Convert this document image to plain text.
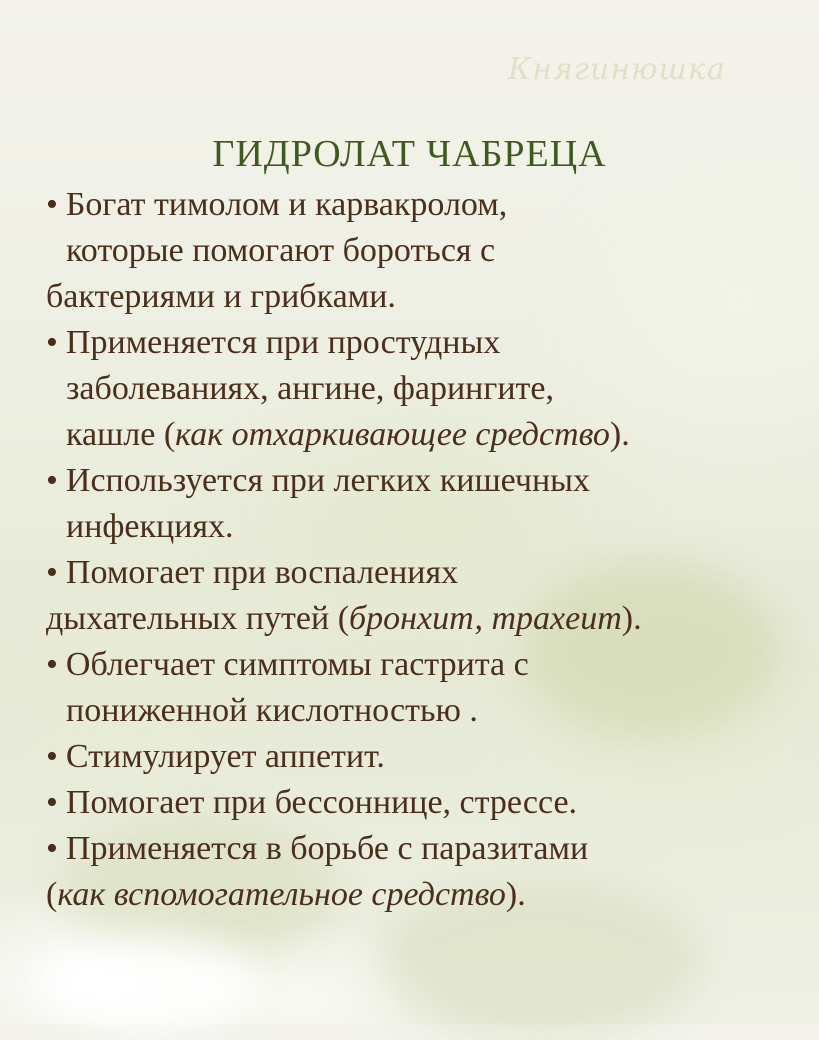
Княгинюшка
ГИДРОЛАТ ЧАБРЕЦА
• Богат тимолом и карвакролом,
которые помогают бороться с
бактериями и грибками.
• Применяется при простудных
заболеваниях, ангине, фарингите,
кашле (как отхаркивающее средство).
• Используется при легких кишечных
инфекциях.
• Помогает при воспалениях
дыхательных путей (бронхит, трахеит).
• Облегчает симптомы гастрита с
пониженной кислотностью .
• Стимулирует аппетит.
• Помогает при бессоннице, стрессе.
• Применяется в борьбе с паразитами
(как вспомогательное средство).
